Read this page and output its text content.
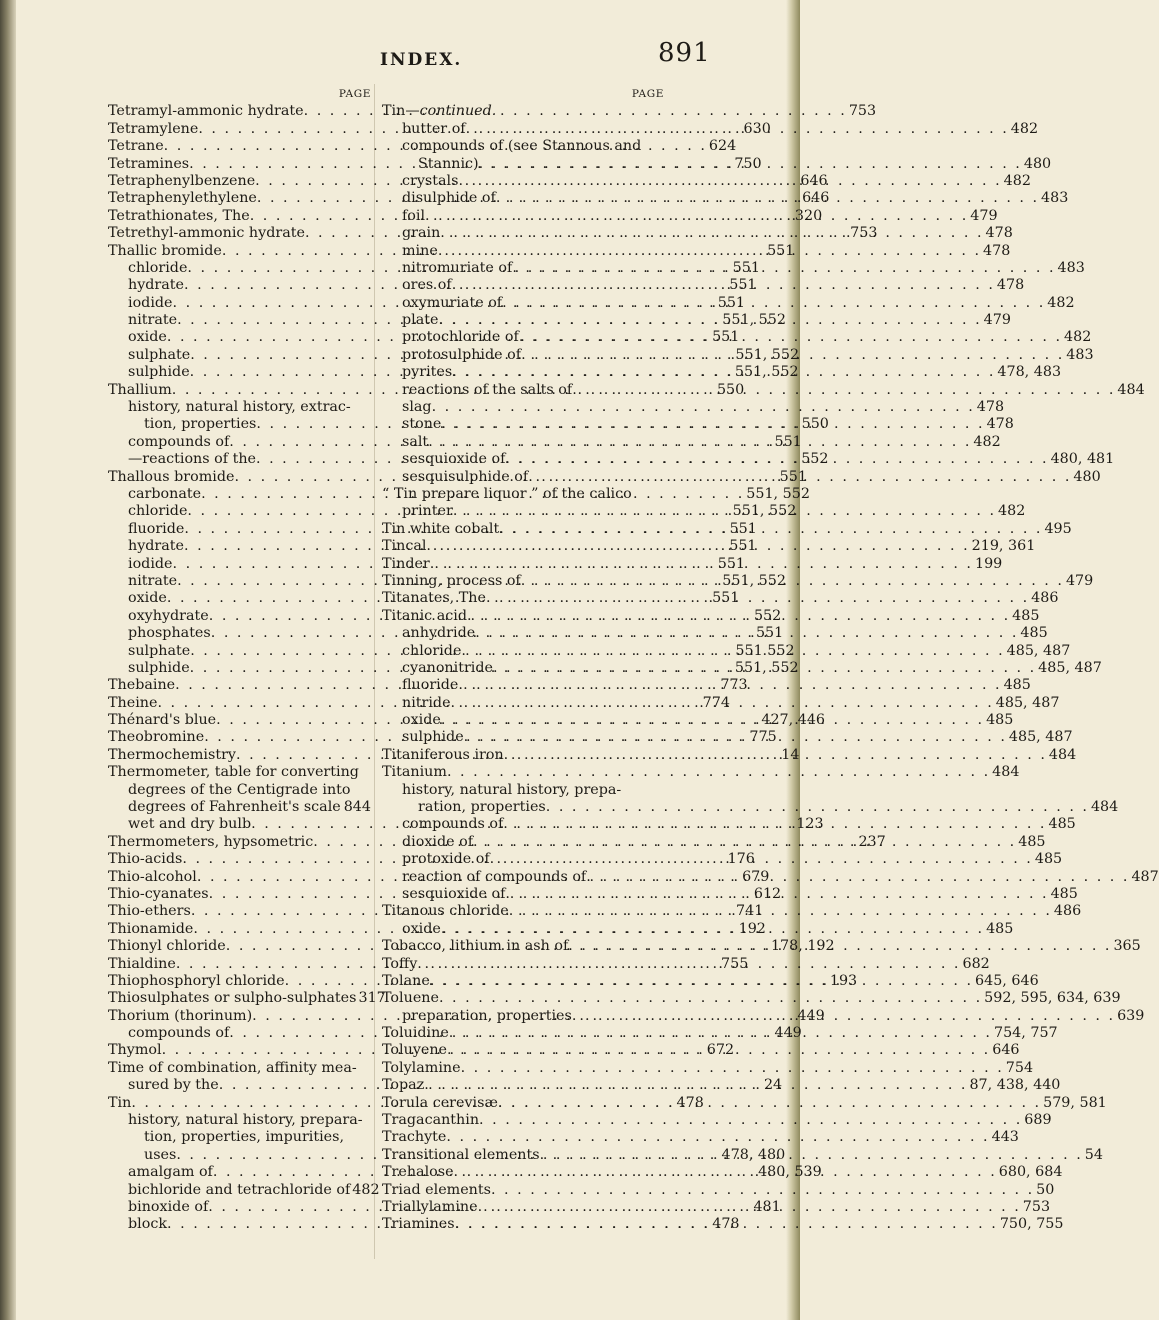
INDEX.	891
PAGE
Tetramyl-ammonic hydrate . . .	753
Tetramylene . . .	630
Tetrane . . .	624
Tetramines . . .	750
Tetraphenylbenzene . . .	646
Tetraphenylethylene . . .	646
Tetrathionates, The . . .	320
Tetrethyl-ammonic hydrate . . .	753
Thallic bromide . . .	551
chloride . . .	551
hydrate . . .	551
iodide . . .	551
nitrate . . .	551, 552
oxide . . .	551
sulphate . . .	551, 552
sulphide . . .	551, 552
Thallium . . .	550
history, natural history, extrac-
tion, properties . . .	550
compounds of . . .	551
—reactions of the . . .	552
Thallous bromide . . .	551
carbonate . . .	551, 552
chloride . . .	551, 552
fluoride . . .	551
hydrate . . .	551
iodide . . .	551
nitrate . . .	551, 552
oxide . . .	551
oxyhydrate . . .	552
phosphates . . .	551
sulphate . . .	551 552
sulphide . . .	551, 552
Thebaine . . .	773
Theine . . .	774
Thénard's blue . . .	427, 446
Theobromine . . .	775
Thermochemistry . . .	14
Thermometer, table for converting
degrees of the Centigrade into
degrees of Fahrenheit's scale . . . 844
wet and dry bulb . . .	123
Thermometers, hypsometric . . .	237
Thio-acids . . .	176
Thio-alcohol . . .	679
Thio-cyanates . . .	612
Thio-ethers . . .	741
Thionamide . . .	192
Thionyl chloride . . .	178, 192
Thialdine . . .	755
Thiophosphoryl chloride . . .	193
Thiosulphates or sulpho-sulphates 317
Thorium (thorinum) . . .	449
compounds of . . .	449
Thymol . . .	672
Time of combination, affinity mea-
sured by the . . .	24
Tin . . .	478
history, natural history, prepara-
tion, properties, impurities,
uses . . .	478, 480
amalgam of . . .	480, 539
bichloride and tetrachloride of 482
binoxide of . . .	481
block . . .	478
PAGE
Tin—continued.
butter of . . .	482
compounds of (see Stannous and
Stannic) . . .	480
crystals . . .	482
disulphide of . . .	483
foil . . .	479
grain . . .	478
mine . . .	478
nitromuriate of . . .	483
ores of . . .	478
oxymuriate of . . .	482
plate . . .	479
protochloride of . . .	482
protosulphide of . . .	483
pyrites . . .	478, 483
reactions of the salts of . . .	484
slag . . .	478
stone . . .	478
salt . . .	482
sesquioxide of . . .	480, 481
sesquisulphide of . . .	480
“ Tin prepare liquor ” of the calico
printer . . .	482
Tin white cobalt . . .	495
Tincal . . .	219, 361
Tinder . . .	199
Tinning, process of . . .	479
Titanates, The . . .	486
Titanic acid . . .	485
anhydride . . .	485
chloride . . .	485, 487
cyanonitride . . .	485, 487
fluoride . . .	485
nitride . . .	485, 487
oxide . . .	485
sulphide . . .	485, 487
Titaniferous iron . . .	484
Titanium . . .	484
history, natural history, prepa-
ration, properties . . .	484
compounds of . . .	485
dioxide of . . .	485
protoxide of . . .	485
reaction of compounds of . . .	487
sesquioxide of . . .	485
Titanous chloride . . .	486
oxide . . .	485
Tobacco, lithium in ash of . . .	365
Toffy . . .	682
Tolane . . .	645, 646
Toluene . . .	592, 595, 634, 639
preparation, properties . . .	639
Toluidine . . .	754, 757
Toluyene . . .	646
Tolylamine . . .	754
Topaz . . .	87, 438, 440
Torula cerevisæ . . .	579, 581
Tragacanthin . . .	689
Trachyte . . .	443
Transitional elements . . .	54
Trehalose . . .	680, 684
Triad elements . . .	50
Triallylamine . . .	753
Triamines . . .	750, 755
